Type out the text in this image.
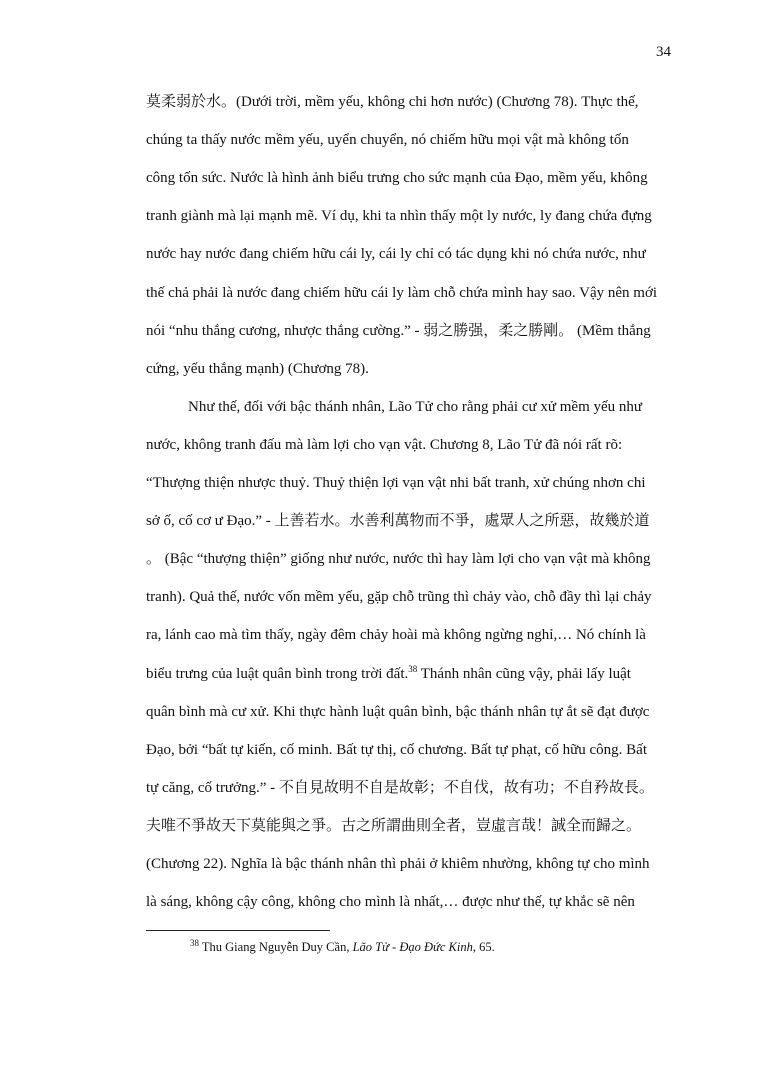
34
莫柔弱於水。(Dưới trời, mềm yếu, không chi hơn nước) (Chương 78). Thực thế,
chúng ta thấy nước mềm yếu, uyển chuyển, nó chiếm hữu mọi vật mà không tốn
công tốn sức. Nước là hình ảnh biểu trưng cho sức mạnh của Đạo, mềm yếu, không
tranh giành mà lại mạnh mẽ. Ví dụ, khi ta nhìn thấy một ly nước, ly đang chứa đựng
nước hay nước đang chiếm hữu cái ly, cái ly chỉ có tác dụng khi nó chứa nước, như
thế chả phải là nước đang chiếm hữu cái ly làm chỗ chứa mình hay sao. Vậy nên mới
nói “nhu thắng cương, nhược thắng cường.” - 弱之勝强，柔之勝剛。 (Mềm thắng
cứng, yếu thắng mạnh) (Chương 78).
Như thế, đối với bậc thánh nhân, Lão Tử cho rằng phải cư xử mềm yếu như
nước, không tranh đấu mà làm lợi cho vạn vật. Chương 8, Lão Tử đã nói rất rõ:
“Thượng thiện nhược thuỷ. Thuỷ thiện lợi vạn vật nhi bất tranh, xử chúng nhơn chi
sở ố, cố cơ ư Đạo.” - 上善若水。水善利萬物而不爭，處眾人之所惡，故幾於道
。 (Bậc “thượng thiện” giống như nước, nước thì hay làm lợi cho vạn vật mà không
tranh). Quả thế, nước vốn mềm yếu, gặp chỗ trũng thì chảy vào, chỗ đầy thì lại chảy
ra, lánh cao mà tìm thấy, ngày đêm chảy hoài mà không ngừng nghỉ,… Nó chính là
biểu trưng của luật quân bình trong trời đất.$^{38}$ Thánh nhân cũng vậy, phải lấy luật
quân bình mà cư xử. Khi thực hành luật quân bình, bậc thánh nhân tự ắt sẽ đạt được
Đạo, bởi “bất tự kiến, cố minh. Bất tự thị, cố chương. Bất tự phạt, cố hữu công. Bất
tự căng, cố trưởng.” - 不自見故明不自是故彰；不自伐，故有功；不自矜故長。
夫唯不爭故天下莫能與之爭。古之所謂曲則全者，豈虛言哉！誠全而歸之。
(Chương 22). Nghĩa là bậc thánh nhân thì phải ở khiêm nhường, không tự cho mình
là sáng, không cậy công, không cho mình là nhất,… được như thế, tự khắc sẽ nên
$^{38}$ Thu Giang Nguyễn Duy Cần, Lão Tử - Đạo Đức Kinh, 65.
